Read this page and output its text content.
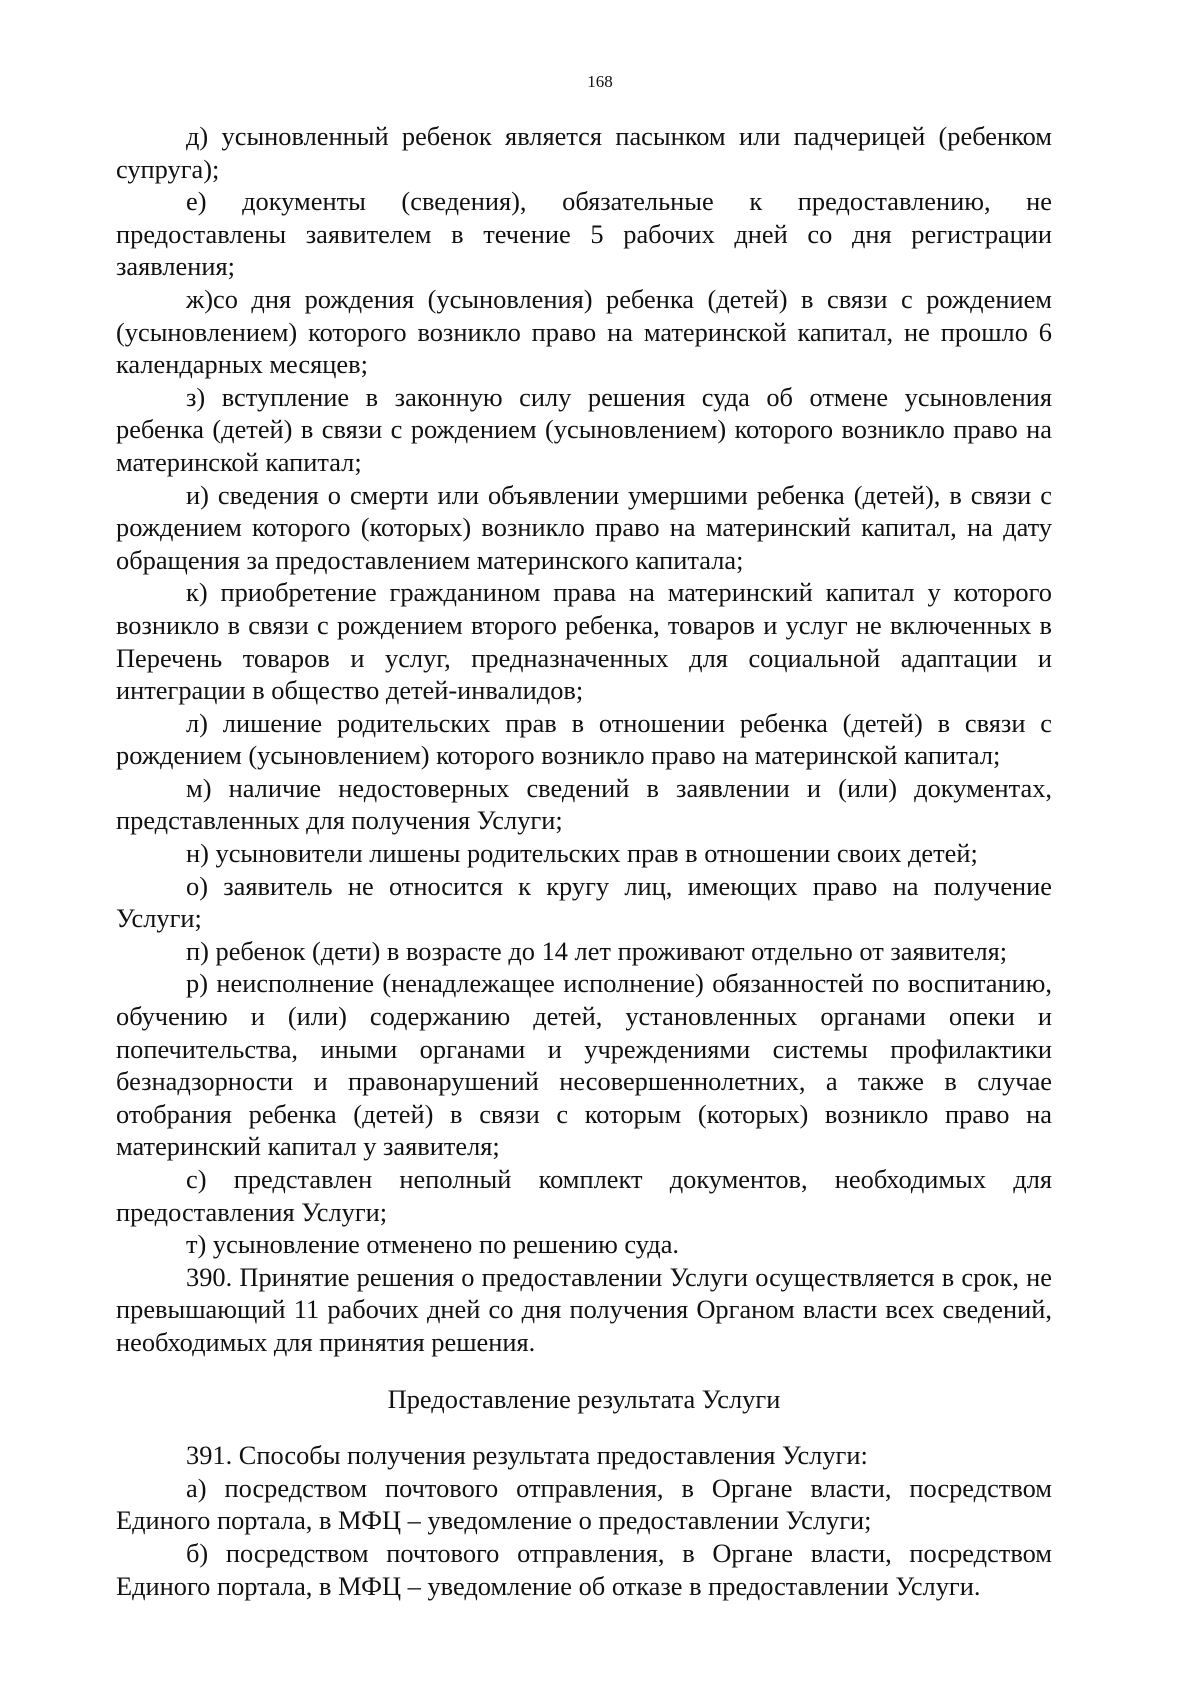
168

д) усыновленный ребенок является пасынком или падчерицей (ребенком супруга);

е) документы (сведения), обязательные к предоставлению, не предоставлены заявителем в течение 5 рабочих дней со дня регистрации заявления;

ж)со дня рождения (усыновления) ребенка (детей) в связи с рождением (усыновлением) которого возникло право на материнской капитал, не прошло 6 календарных месяцев;

з) вступление в законную силу решения суда об отмене усыновления ребенка (детей) в связи с рождением (усыновлением) которого возникло право на материнской капитал;

и) сведения о смерти или объявлении умершими ребенка (детей), в связи с рождением которого (которых) возникло право на материнский капитал, на дату обращения за предоставлением материнского капитала;

к) приобретение гражданином права на материнский капитал у которого возникло в связи с рождением второго ребенка, товаров и услуг не включенных в Перечень товаров и услуг, предназначенных для социальной адаптации и интеграции в общество детей-инвалидов;

л) лишение родительских прав в отношении ребенка (детей) в связи с рождением (усыновлением) которого возникло право на материнской капитал;

м) наличие недостоверных сведений в заявлении и (или) документах, представленных для получения Услуги;

н) усыновители лишены родительских прав в отношении своих детей;

о) заявитель не относится к кругу лиц, имеющих право на получение Услуги;

п) ребенок (дети) в возрасте до 14 лет проживают отдельно от заявителя;

р) неисполнение (ненадлежащее исполнение) обязанностей по воспитанию, обучению и (или) содержанию детей, установленных органами опеки и попечительства, иными органами и учреждениями системы профилактики безнадзорности и правонарушений несовершеннолетних, а также в случае отобрания ребенка (детей) в связи с которым (которых) возникло право на материнский капитал у заявителя;

с) представлен неполный комплект документов, необходимых для предоставления Услуги;

т) усыновление отменено по решению суда.

390. Принятие решения о предоставлении Услуги осуществляется в срок, не превышающий 11 рабочих дней со дня получения Органом власти всех сведений, необходимых для принятия решения.

Предоставление результата Услуги

391. Способы получения результата предоставления Услуги:

а) посредством почтового отправления, в Органе власти, посредством Единого портала, в МФЦ – уведомление о предоставлении Услуги;

б) посредством почтового отправления, в Органе власти, посредством Единого портала, в МФЦ – уведомление об отказе в предоставлении Услуги.
